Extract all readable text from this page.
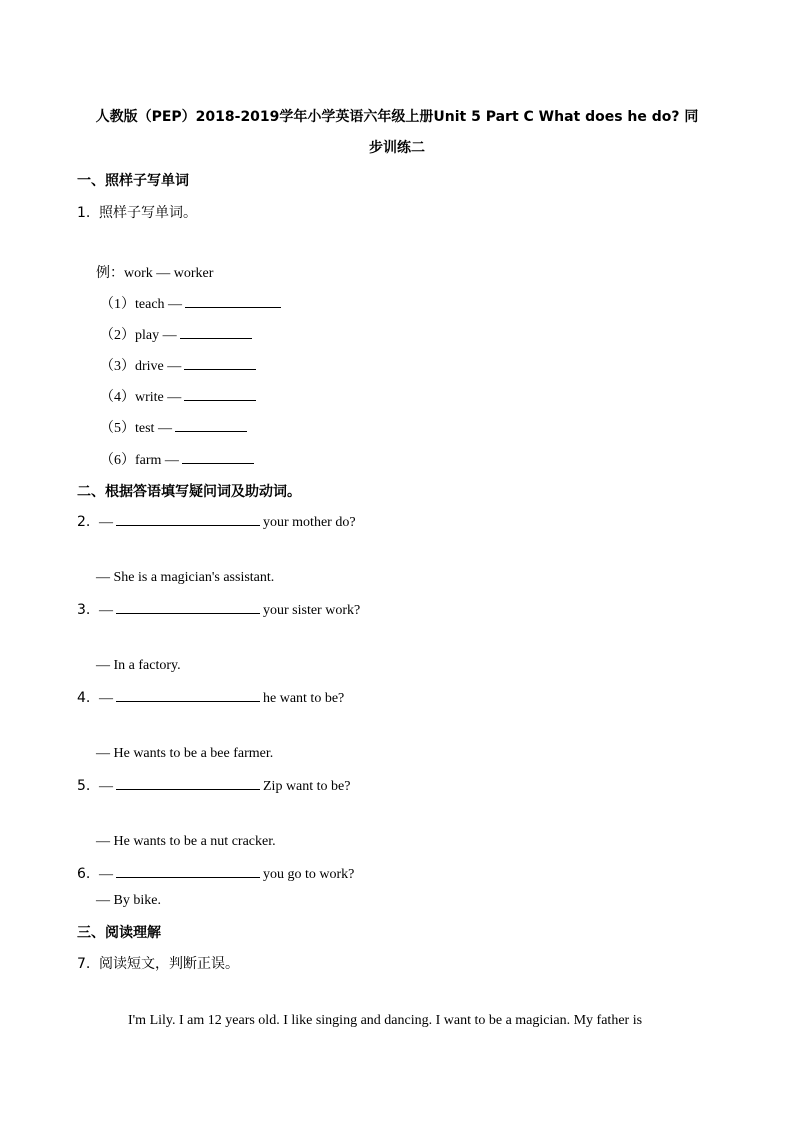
人教版（PEP）2018-2019学年小学英语六年级上册Unit 5 Part C What does he do? 同
步训练二
一、照样子写单词
1. 照样子写单词。
例：work — worker
（1）teach —
（2）play —
（3）drive —
（4）write —
（5）test —
（6）farm —
二、根据答语填写疑问词及助动词。
2. —	your mother do?
— She is a magician's assistant.
3. —	your sister work?
— In a factory.
4. —	he want to be?
— He wants to be a bee farmer.
5. —	Zip want to be?
— He wants to be a nut cracker.
6. —	you go to work?
— By bike.
三、阅读理解
7. 阅读短文，判断正误。
I'm Lily. I am 12 years old. I like singing and dancing. I want to be a magician. My father is
